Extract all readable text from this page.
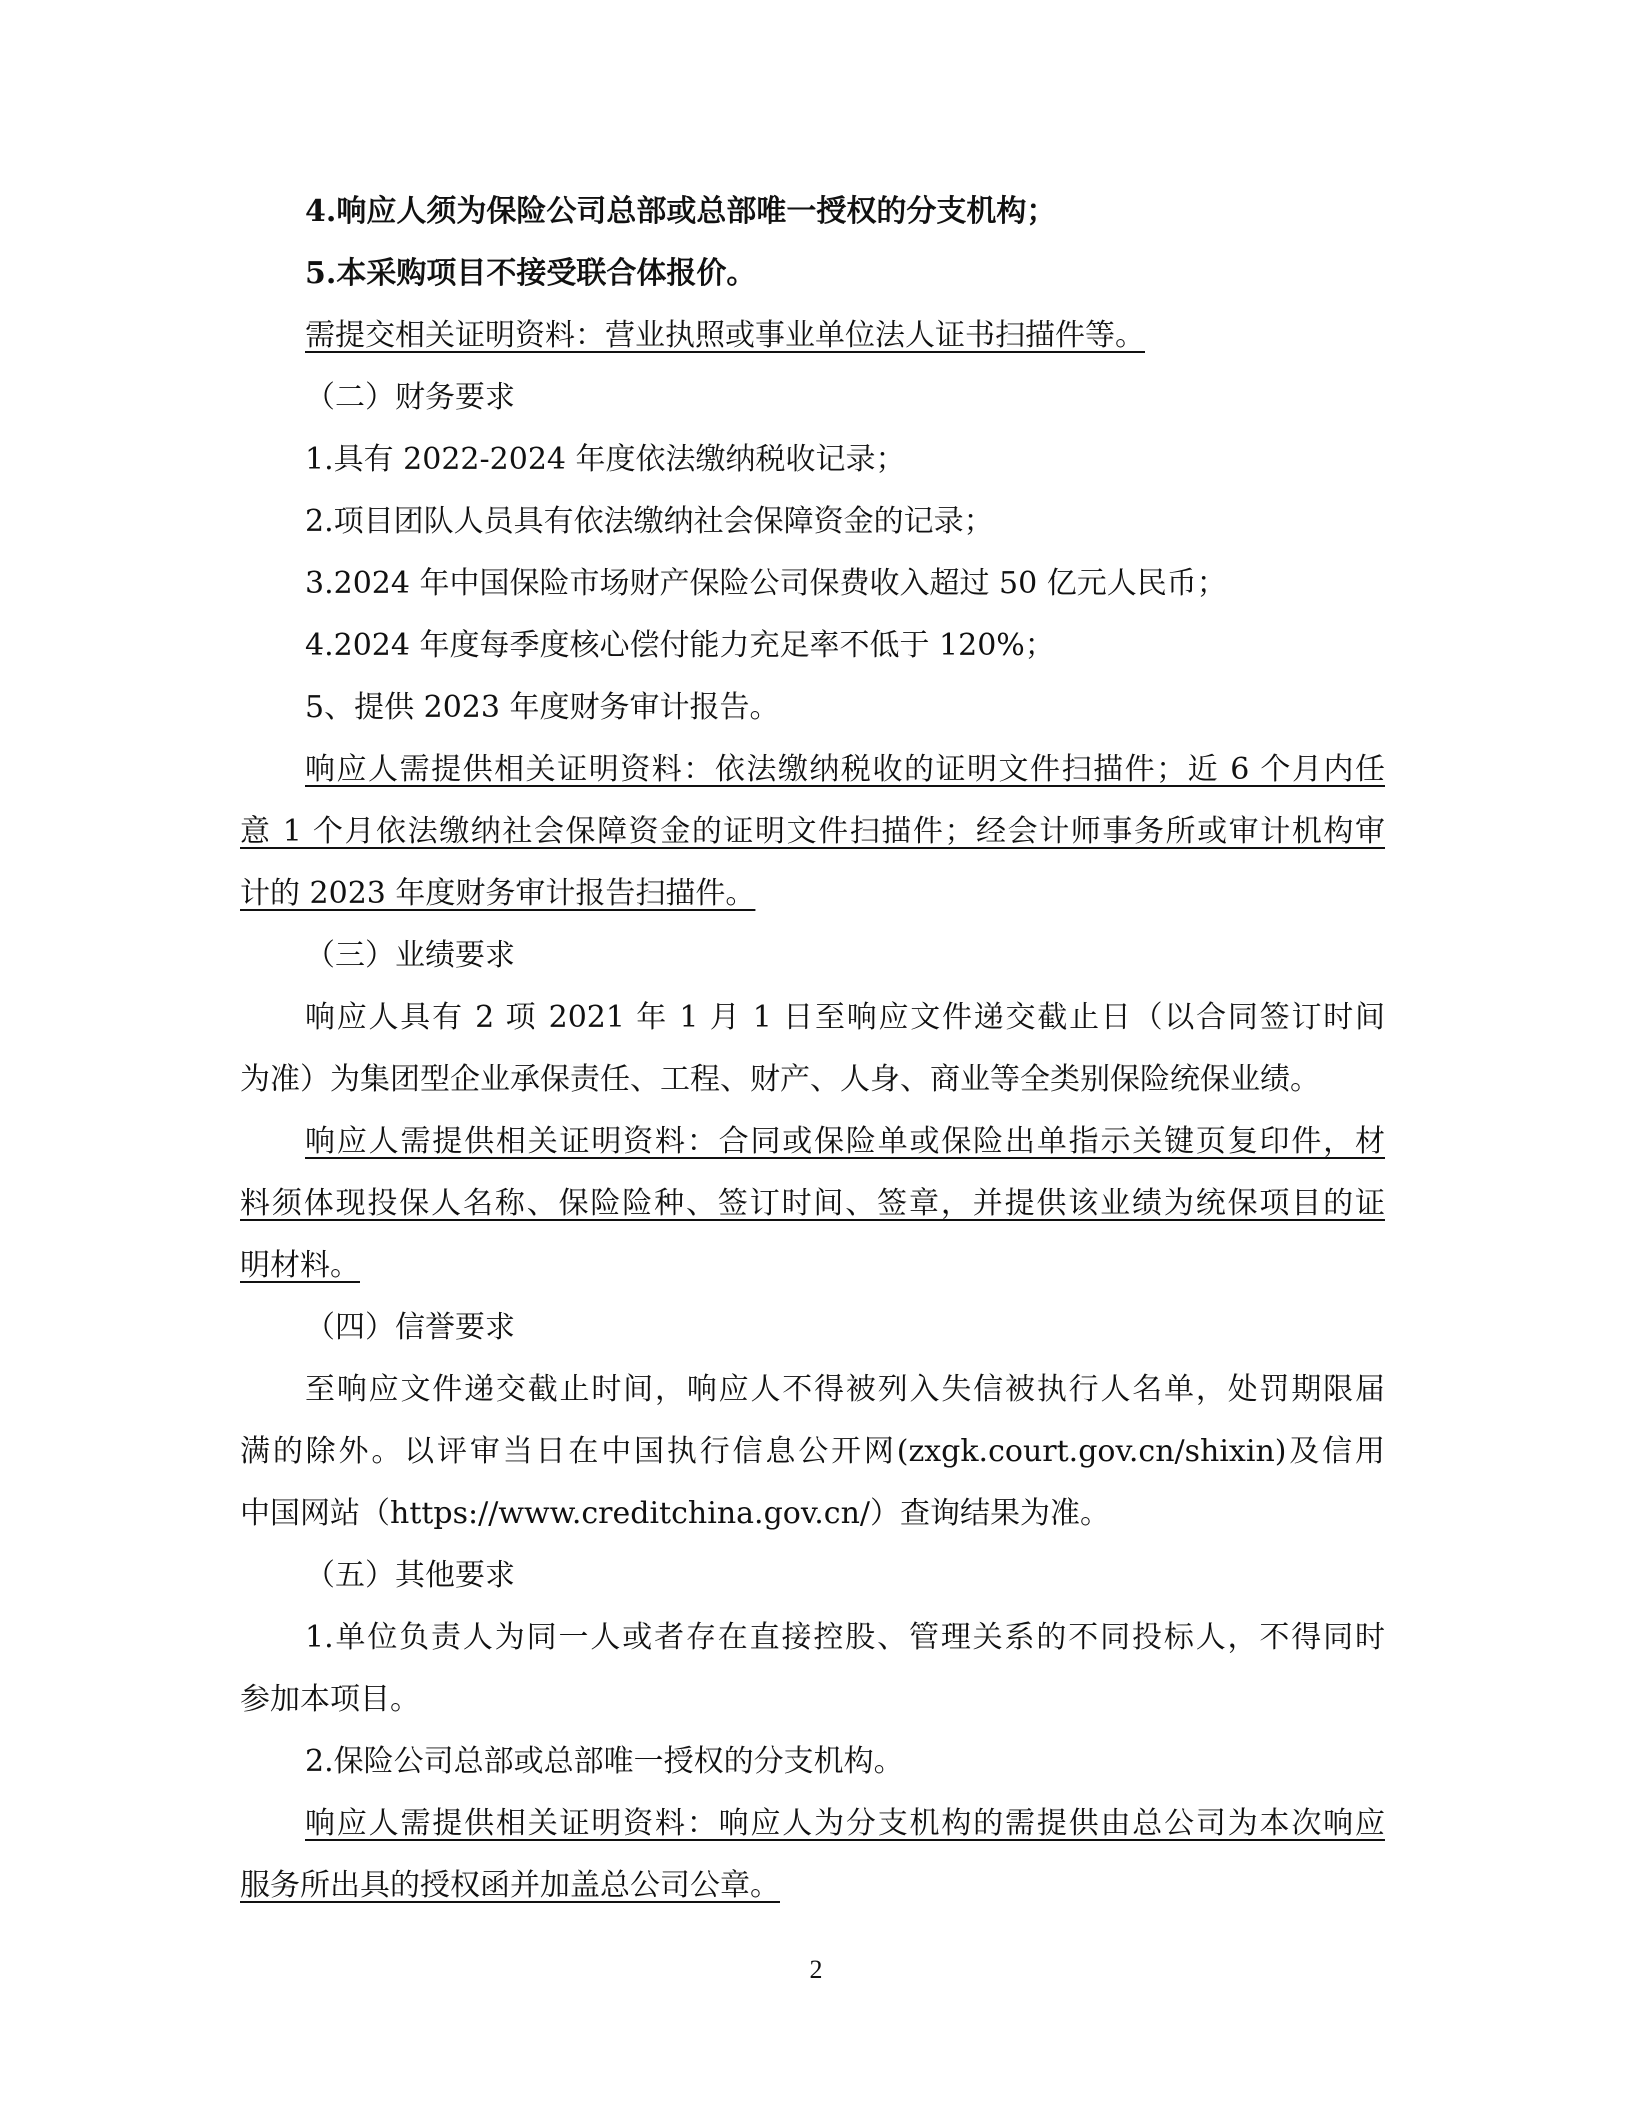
4.响应人须为保险公司总部或总部唯一授权的分支机构；
5.本采购项目不接受联合体报价。
需提交相关证明资料：营业执照或事业单位法人证书扫描件等。
（二）财务要求
1.具有 2022-2024 年度依法缴纳税收记录；
2.项目团队人员具有依法缴纳社会保障资金的记录；
3.2024 年中国保险市场财产保险公司保费收入超过 50 亿元人民币；
4.2024 年度每季度核心偿付能力充足率不低于 120%；
5、提供 2023 年度财务审计报告。
响应人需提供相关证明资料：依法缴纳税收的证明文件扫描件；近 6 个月内任
意 1 个月依法缴纳社会保障资金的证明文件扫描件；经会计师事务所或审计机构审
计的 2023 年度财务审计报告扫描件。
（三）业绩要求
响应人具有 2 项 2021 年 1 月 1 日至响应文件递交截止日（以合同签订时间
为准）为集团型企业承保责任、工程、财产、人身、商业等全类别保险统保业绩。
响应人需提供相关证明资料：合同或保险单或保险出单指示关键页复印件，材
料须体现投保人名称、保险险种、签订时间、签章，并提供该业绩为统保项目的证
明材料。
（四）信誉要求
至响应文件递交截止时间，响应人不得被列入失信被执行人名单，处罚期限届
满的除外。以评审当日在中国执行信息公开网(zxgk.court.gov.cn/shixin)及信用
中国网站（https://www.creditchina.gov.cn/）查询结果为准。
（五）其他要求
1.单位负责人为同一人或者存在直接控股、管理关系的不同投标人，不得同时
参加本项目。
2.保险公司总部或总部唯一授权的分支机构。
响应人需提供相关证明资料：响应人为分支机构的需提供由总公司为本次响应
服务所出具的授权函并加盖总公司公章。
2
